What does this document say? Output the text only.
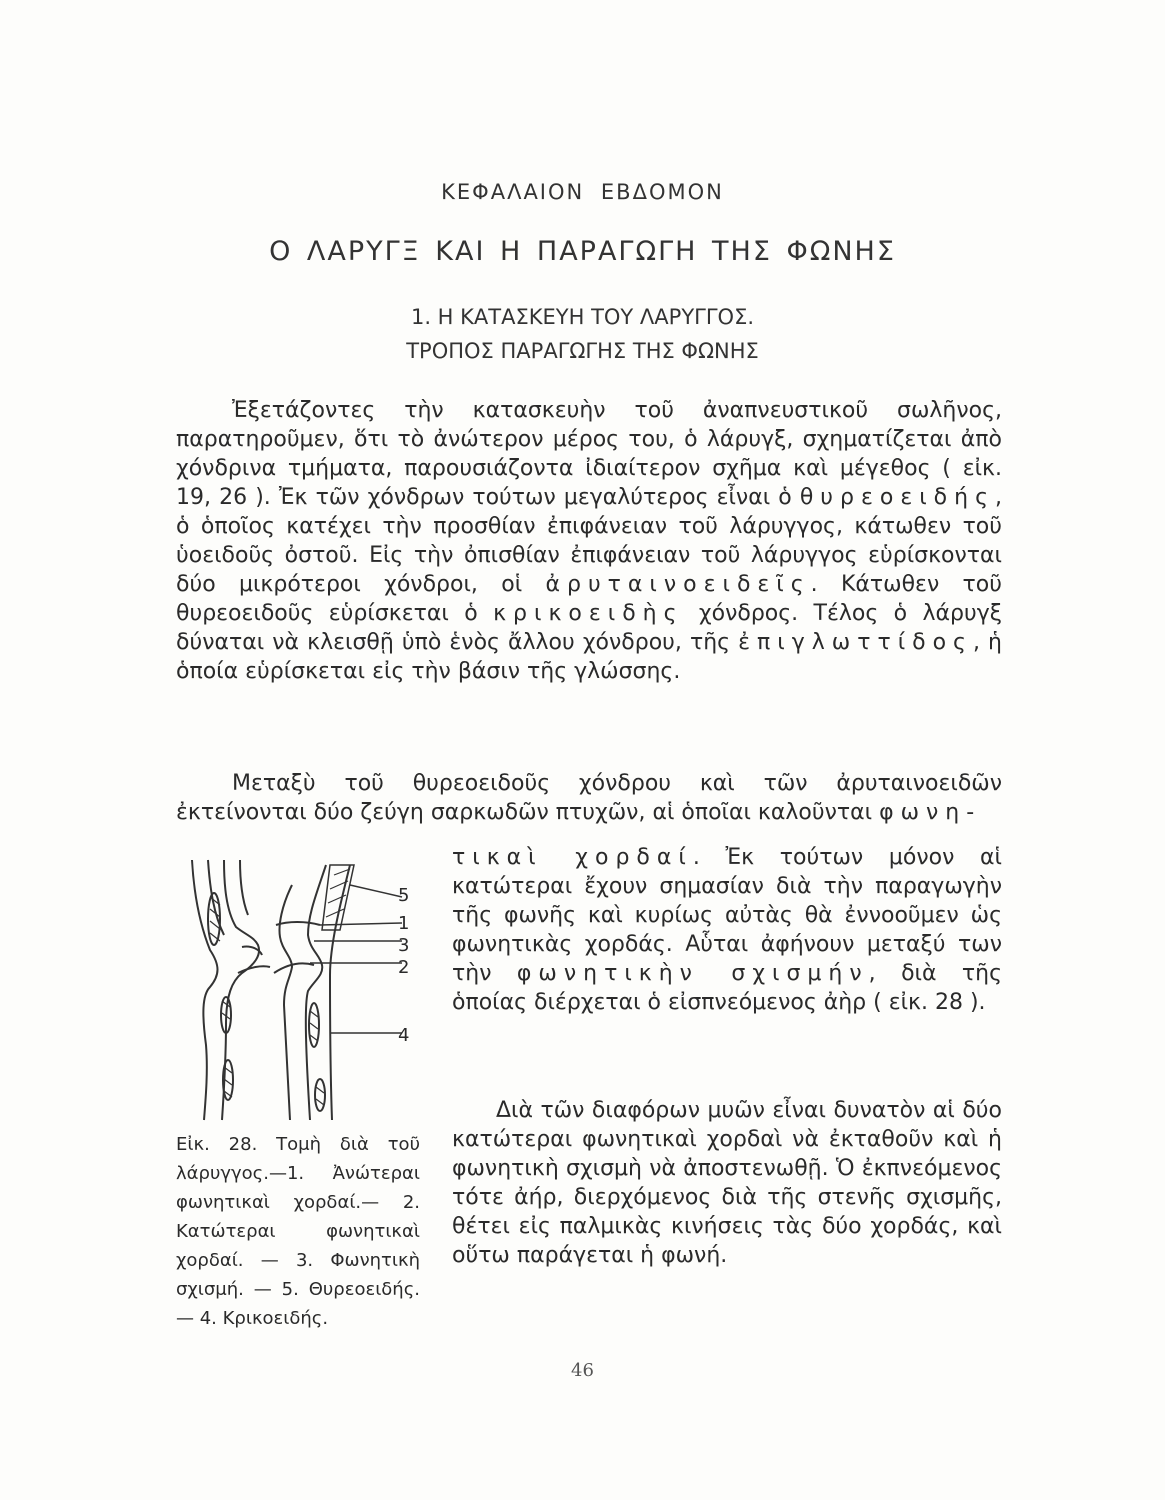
ΚΕΦΑΛΑΙΟΝ ΕΒΔΟΜΟΝ
Ο ΛΑΡΥΓΞ ΚΑΙ Η ΠΑΡΑΓΩΓΗ ΤΗΣ ΦΩΝΗΣ
1. Η ΚΑΤΑΣΚΕΥΗ ΤΟΥ ΛΑΡΥΓΓΟΣ.
ΤΡΟΠΟΣ ΠΑΡΑΓΩΓΗΣ ΤΗΣ ΦΩΝΗΣ

Ἐξετάζοντες τὴν κατασκευὴν τοῦ ἀναπνευστικοῦ σωλῆνος, παρατηροῦμεν, ὅτι τὸ ἀνώτερον μέρος του, ὁ λάρυγξ, σχηματίζεται ἀπὸ χόνδρινα τμήματα, παρουσιάζοντα ἰδιαίτερον σχῆμα καὶ μέγεθος ( εἰκ. 19, 26 ). Ἐκ τῶν χόνδρων τούτων μεγαλύτερος εἶναι ὁ θυρεοειδής, ὁ ὁποῖος κατέχει τὴν προσθίαν ἐπιφάνειαν τοῦ λάρυγγος, κάτωθεν τοῦ ὑοειδοῦς ὀστοῦ. Εἰς τὴν ὀπισθίαν ἐπιφάνειαν τοῦ λάρυγγος εὑρίσκονται δύο μικρότεροι χόνδροι, οἱ ἀρυταινοειδεῖς. Κάτωθεν τοῦ θυρεοειδοῦς εὑρίσκεται ὁ κρικοειδὴς χόνδρος. Τέλος ὁ λάρυγξ δύναται νὰ κλεισθῇ ὑπὸ ἑνὸς ἄλλου χόνδρου, τῆς ἐπιγλωττίδος, ἡ ὁποία εὑρίσκεται εἰς τὴν βάσιν τῆς γλώσσης.

Μεταξὺ τοῦ θυρεοειδοῦς χόνδρου καὶ τῶν ἀρυταινοειδῶν ἐκτείνονται δύο ζεύγη σαρκωδῶν πτυχῶν, αἱ ὁποῖαι καλοῦνται φωνη-

τικαὶ χορδαί. Ἐκ τούτων μόνον αἱ κατώτεραι ἔχουν σημασίαν διὰ τὴν παραγωγὴν τῆς φωνῆς καὶ κυρίως αὐτὰς θὰ ἐννοοῦμεν ὡς φωνητικὰς χορδάς. Αὗται ἀφήνουν μεταξύ των τὴν φωνητικὴν σχισμήν, διὰ τῆς ὁποίας διέρχεται ὁ εἰσπνεόμενος ἀὴρ ( εἰκ. 28 ).

Διὰ τῶν διαφόρων μυῶν εἶναι δυνατὸν αἱ δύο κατώτεραι φωνητικαὶ χορδαὶ νὰ ἐκταθοῦν καὶ ἡ φωνητικὴ σχισμὴ νὰ ἀποστενωθῇ. Ὁ ἐκπνεόμενος τότε ἀήρ, διερχόμενος διὰ τῆς στενῆς σχισμῆς, θέτει εἰς παλμικὰς κινήσεις τὰς δύο χορδάς, καὶ οὕτω παράγεται ἡ φωνή.

5
1
3
2
4
Εἰκ. 28. Τομὴ διὰ τοῦ λάρυγγος.—1. Ἀνώτεραι φωνητικαὶ χορδαί.— 2. Κατώτεραι φωνητικαὶ χορδαί. — 3. Φωνητικὴ σχισμή. — 5. Θυρεοειδής. — 4. Κρικοειδής.
46
